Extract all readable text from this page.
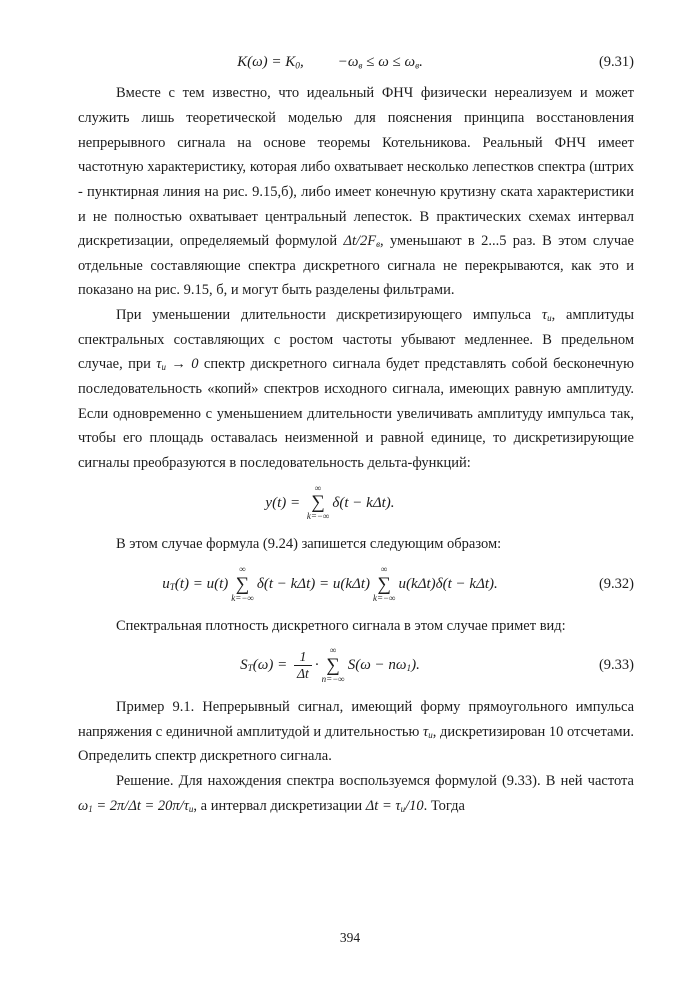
$K(\omega) = K_0$, $-\omega_в \le \omega \le \omega_в$.	(9.31)

Вместе с тем известно, что идеальный ФНЧ физически нереализуем и может служить лишь теоретической моделью для пояснения принципа восстановления непрерывного сигнала на основе теоремы Котельникова. Реальный ФНЧ имеет частотную характеристику, которая либо охватывает несколько лепестков спектра (штрих - пунктирная линия на рис. 9.15,б), либо имеет конечную крутизну ската характеристики и не полностью охватывает центральный лепесток. В практических схемах интервал дискретизации, определяемый формулой $\Delta t/2F_в$, уменьшают в 2...5 раз. В этом случае отдельные составляющие спектра дискретного сигнала не перекрываются, как это и показано на рис. 9.15, б, и могут быть разделены фильтрами.

При уменьшении длительности дискретизирующего импульса $\tau_и$, амплитуды спектральных составляющих с ростом частоты убывают медленнее. В предельном случае, при $\tau_и \to 0$ спектр дискретного сигнала будет представлять собой бесконечную последовательность «копий» спектров исходного сигнала, имеющих равную амплитуду. Если одновременно с уменьшением длительности увеличивать амплитуду импульса так, чтобы его площадь оставалась неизменной и равной единице, то дискретизирующие сигналы преобразуются в последовательность дельта-функций:

y(t) =
∞
∑
k=−∞
δ(t − kΔt).

В этом случае формула (9.24) запишется следующим образом:

$u_T(t) = u(t)$
∞
∑
k=−∞
δ(t − kΔt) = u(kΔt)
∞
∑
k=−∞
u(kΔt)δ(t − kΔt).	(9.32)

Спектральная плотность дискретного сигнала в этом случае примет вид:

$S_T(\omega) = \frac{1}{\Delta t}$ ·
∞
∑
n=−∞
$S(\omega - n\omega_1)$.	(9.33)

Пример 9.1. Непрерывный сигнал, имеющий форму прямоугольного импульса напряжения с единичной амплитудой и длительностью $\tau_и$, дискретизирован 10 отсчетами. Определить спектр дискретного сигнала.

Решение. Для нахождения спектра воспользуемся формулой (9.33). В ней частота $\omega_1 = 2\pi/\Delta t = 20\pi/\tau_и$, а интервал дискретизации $\Delta t = \tau_и/10$. Тогда

394
